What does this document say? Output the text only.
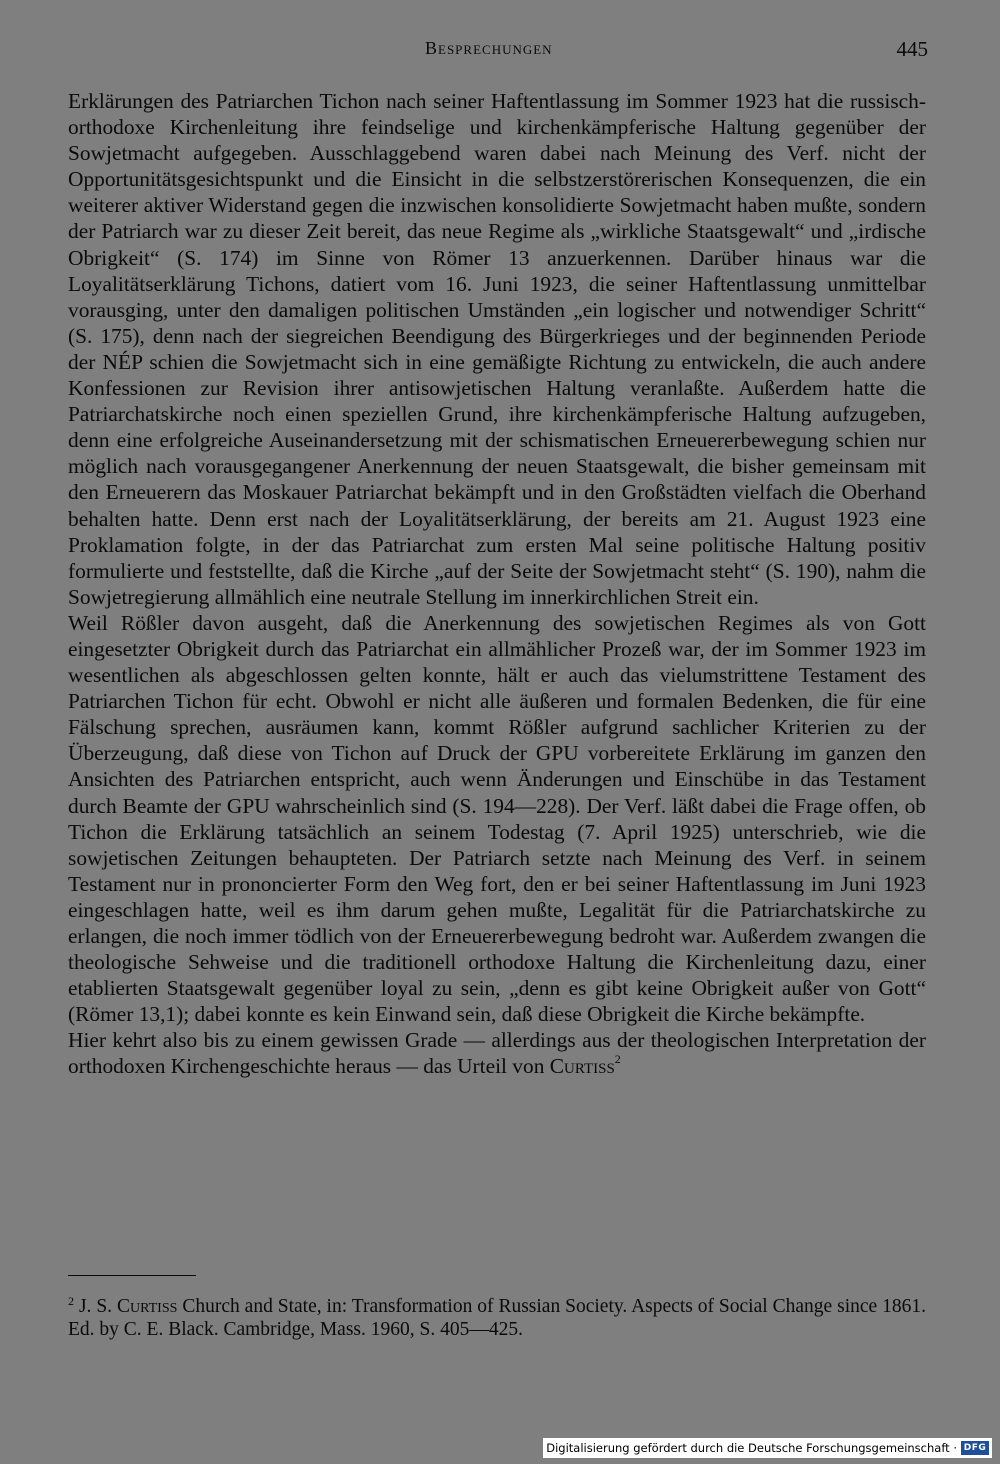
Besprechungen	445

Erklärungen des Patriarchen Tichon nach seiner Haftentlassung im Sommer 1923 hat die russisch-orthodoxe Kirchenleitung ihre feindselige und kirchenkämpferische Haltung gegenüber der Sowjetmacht aufgegeben. Ausschlaggebend waren dabei nach Meinung des Verf. nicht der Opportunitätsgesichtspunkt und die Einsicht in die selbstzerstörerischen Konsequenzen, die ein weiterer aktiver Widerstand gegen die inzwischen konsolidierte Sowjetmacht haben mußte, sondern der Patriarch war zu dieser Zeit bereit, das neue Regime als „wirkliche Staatsgewalt“ und „irdische Obrigkeit“ (S. 174) im Sinne von Römer 13 anzuerkennen. Darüber hinaus war die Loyalitätserklärung Tichons, datiert vom 16. Juni 1923, die seiner Haftentlassung unmittelbar vorausging, unter den damaligen politischen Umständen „ein logischer und notwendiger Schritt“ (S. 175), denn nach der siegreichen Beendigung des Bürgerkrieges und der beginnenden Periode der NÉP schien die Sowjetmacht sich in eine gemäßigte Richtung zu entwickeln, die auch andere Konfessionen zur Revision ihrer antisowjetischen Haltung veranlaßte. Außerdem hatte die Patriarchatskirche noch einen speziellen Grund, ihre kirchenkämpferische Haltung aufzugeben, denn eine erfolgreiche Auseinandersetzung mit der schismatischen Erneuererbewegung schien nur möglich nach vorausgegangener Anerkennung der neuen Staatsgewalt, die bisher gemeinsam mit den Erneuerern das Moskauer Patriarchat bekämpft und in den Großstädten vielfach die Oberhand behalten hatte. Denn erst nach der Loyalitätserklärung, der bereits am 21. August 1923 eine Proklamation folgte, in der das Patriarchat zum ersten Mal seine politische Haltung positiv formulierte und feststellte, daß die Kirche „auf der Seite der Sowjetmacht steht“ (S. 190), nahm die Sowjetregierung allmählich eine neutrale Stellung im innerkirchlichen Streit ein.

Weil Rößler davon ausgeht, daß die Anerkennung des sowjetischen Regimes als von Gott eingesetzter Obrigkeit durch das Patriarchat ein allmählicher Prozeß war, der im Sommer 1923 im wesentlichen als abgeschlossen gelten konnte, hält er auch das vielumstrittene Testament des Patriarchen Tichon für echt. Obwohl er nicht alle äußeren und formalen Bedenken, die für eine Fälschung sprechen, ausräumen kann, kommt Rößler aufgrund sachlicher Kriterien zu der Überzeugung, daß diese von Tichon auf Druck der GPU vorbereitete Erklärung im ganzen den Ansichten des Patriarchen entspricht, auch wenn Änderungen und Einschübe in das Testament durch Beamte der GPU wahrscheinlich sind (S. 194—228). Der Verf. läßt dabei die Frage offen, ob Tichon die Erklärung tatsächlich an seinem Todestag (7. April 1925) unterschrieb, wie die sowjetischen Zeitungen behaupteten. Der Patriarch setzte nach Meinung des Verf. in seinem Testament nur in prononcierter Form den Weg fort, den er bei seiner Haftentlassung im Juni 1923 eingeschlagen hatte, weil es ihm darum gehen mußte, Legalität für die Patriarchatskirche zu erlangen, die noch immer tödlich von der Erneuererbewegung bedroht war. Außerdem zwangen die theologische Sehweise und die traditionell orthodoxe Haltung die Kirchenleitung dazu, einer etablierten Staatsgewalt gegenüber loyal zu sein, „denn es gibt keine Obrigkeit außer von Gott“ (Römer 13,1); dabei konnte es kein Einwand sein, daß diese Obrigkeit die Kirche bekämpfte.

Hier kehrt also bis zu einem gewissen Grade — allerdings aus der theologischen Interpretation der orthodoxen Kirchengeschichte heraus — das Urteil von Curtiss$^2$

$^2$ J. S. Curtiss Church and State, in: Transformation of Russian Society. Aspects of Social Change since 1861. Ed. by C. E. Black. Cambridge, Mass. 1960, S. 405—425.
Digitalisierung gefördert durch die Deutsche Forschungsgemeinschaft · DFG
